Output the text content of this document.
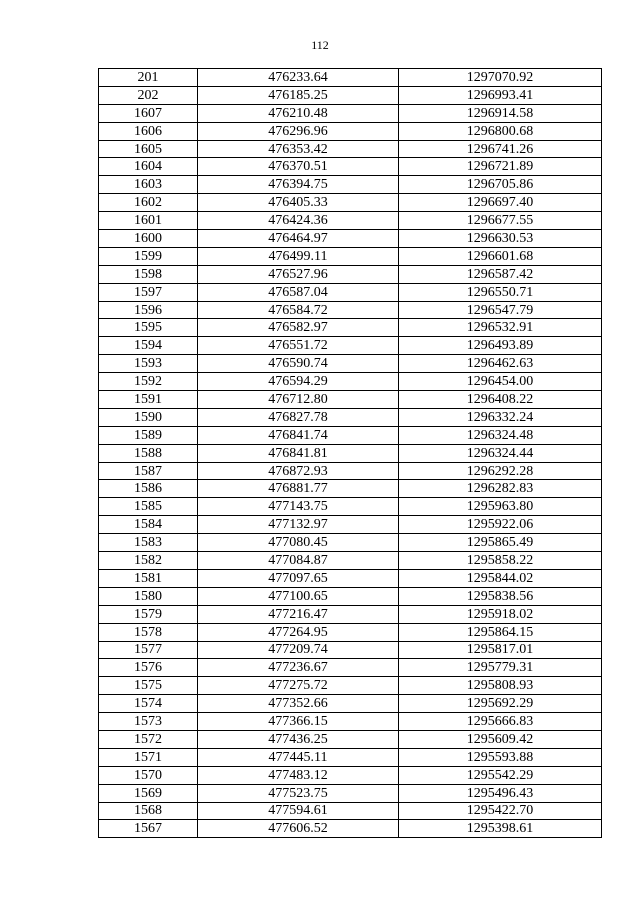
112
201	476233.64	1297070.92
202	476185.25	1296993.41
1607	476210.48	1296914.58
1606	476296.96	1296800.68
1605	476353.42	1296741.26
1604	476370.51	1296721.89
1603	476394.75	1296705.86
1602	476405.33	1296697.40
1601	476424.36	1296677.55
1600	476464.97	1296630.53
1599	476499.11	1296601.68
1598	476527.96	1296587.42
1597	476587.04	1296550.71
1596	476584.72	1296547.79
1595	476582.97	1296532.91
1594	476551.72	1296493.89
1593	476590.74	1296462.63
1592	476594.29	1296454.00
1591	476712.80	1296408.22
1590	476827.78	1296332.24
1589	476841.74	1296324.48
1588	476841.81	1296324.44
1587	476872.93	1296292.28
1586	476881.77	1296282.83
1585	477143.75	1295963.80
1584	477132.97	1295922.06
1583	477080.45	1295865.49
1582	477084.87	1295858.22
1581	477097.65	1295844.02
1580	477100.65	1295838.56
1579	477216.47	1295918.02
1578	477264.95	1295864.15
1577	477209.74	1295817.01
1576	477236.67	1295779.31
1575	477275.72	1295808.93
1574	477352.66	1295692.29
1573	477366.15	1295666.83
1572	477436.25	1295609.42
1571	477445.11	1295593.88
1570	477483.12	1295542.29
1569	477523.75	1295496.43
1568	477594.61	1295422.70
1567	477606.52	1295398.61
